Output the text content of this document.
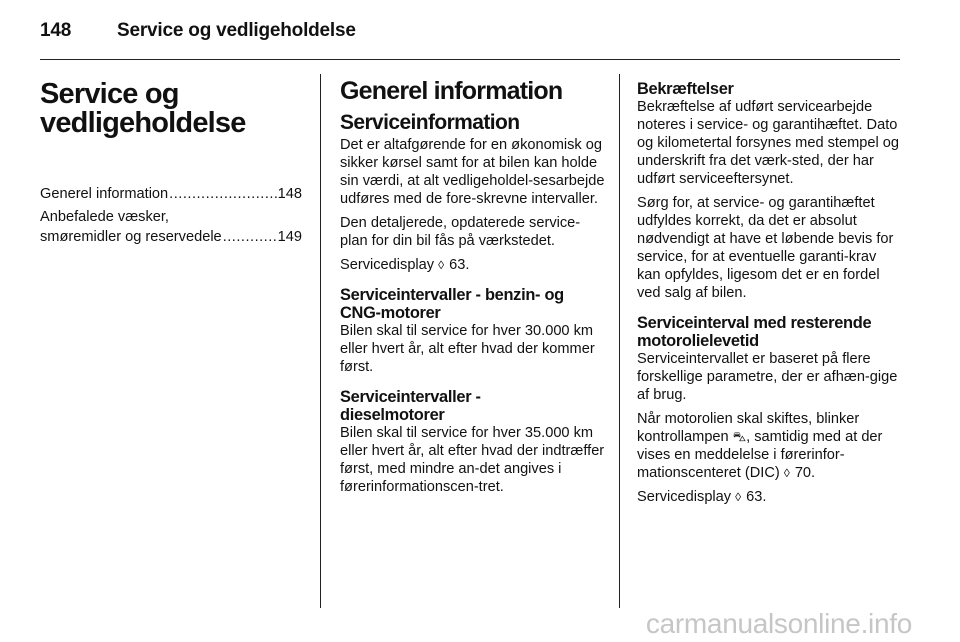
148 Service og vedligeholdelse
Service og
vedligeholdelse
Generel information .....	148
Anbefalede væsker,
smøremidler og reservedele .....	149
Generel information
Serviceinformation

Det er altafgørende for en økonomisk og sikker kørsel samt for at bilen kan holde sin værdi, at alt vedligeholdel-sesarbejde udføres med de fore-skrevne intervaller.

Den detaljerede, opdaterede service-plan for din bil fås på værkstedet.

Servicedisplay ◊ 63.

Serviceintervaller - benzin- og CNG-motorer

Bilen skal til service for hver 30.000 km eller hvert år, alt efter hvad der kommer først.

Serviceintervaller -
dieselmotorer

Bilen skal til service for hver 35.000 km eller hvert år, alt efter hvad der indtræffer først, med mindre an-det angives i førerinformationscen-tret.

Bekræftelser

Bekræftelse af udført servicearbejde noteres i service- og garantihæftet. Dato og kilometertal forsynes med stempel og underskrift fra det værk-sted, der har udført serviceeftersynet.

Sørg for, at service- og garantihæftet udfyldes korrekt, da det er absolut nødvendigt at have et løbende bevis for service, for at eventuelle garanti-krav kan opfyldes, ligesom det er en fordel ved salg af bilen.

Serviceinterval med resterende motorolielevetid

Serviceintervallet er baseret på flere forskellige parametre, der er afhæn-gige af brug.

Når motorolien skal skiftes, blinker kontrollampen ⛍, samtidig med at der vises en meddelelse i førerinfor-mationscenteret (DIC) ◊ 70.

Servicedisplay ◊ 63.

carmanualsonline.info
